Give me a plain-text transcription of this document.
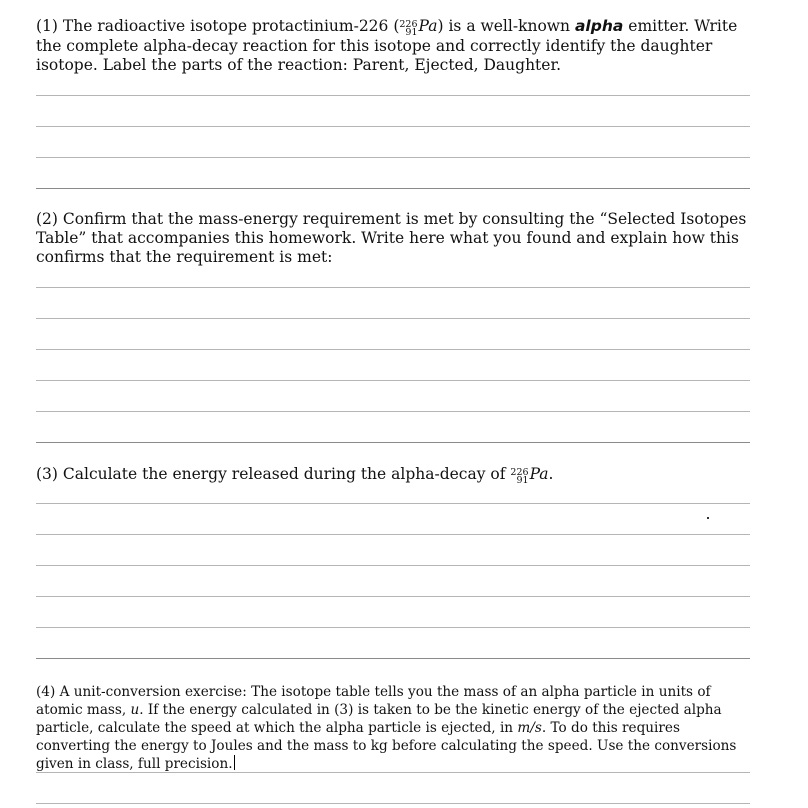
(1) The radioactive isotope protactinium-226 ( 226
91 Pa) is a well-known alpha emitter. Write the complete alpha-decay reaction for this isotope and correctly identify the daughter isotope. Label the parts of the reaction: Parent, Ejected, Daughter.
(2) Confirm that the mass-energy requirement is met by consulting the “Selected Isotopes Table” that accompanies this homework. Write here what you found and explain how this confirms that the requirement is met:
(3) Calculate the energy released during the alpha-decay of 226
91 Pa.
(4) A unit-conversion exercise: The isotope table tells you the mass of an alpha particle in units of atomic mass, u. If the energy calculated in (3) is taken to be the kinetic energy of the ejected alpha particle, calculate the speed at which the alpha particle is ejected, in m/s. To do this requires converting the energy to Joules and the mass to kg before calculating the speed. Use the conversions given in class, full precision.
